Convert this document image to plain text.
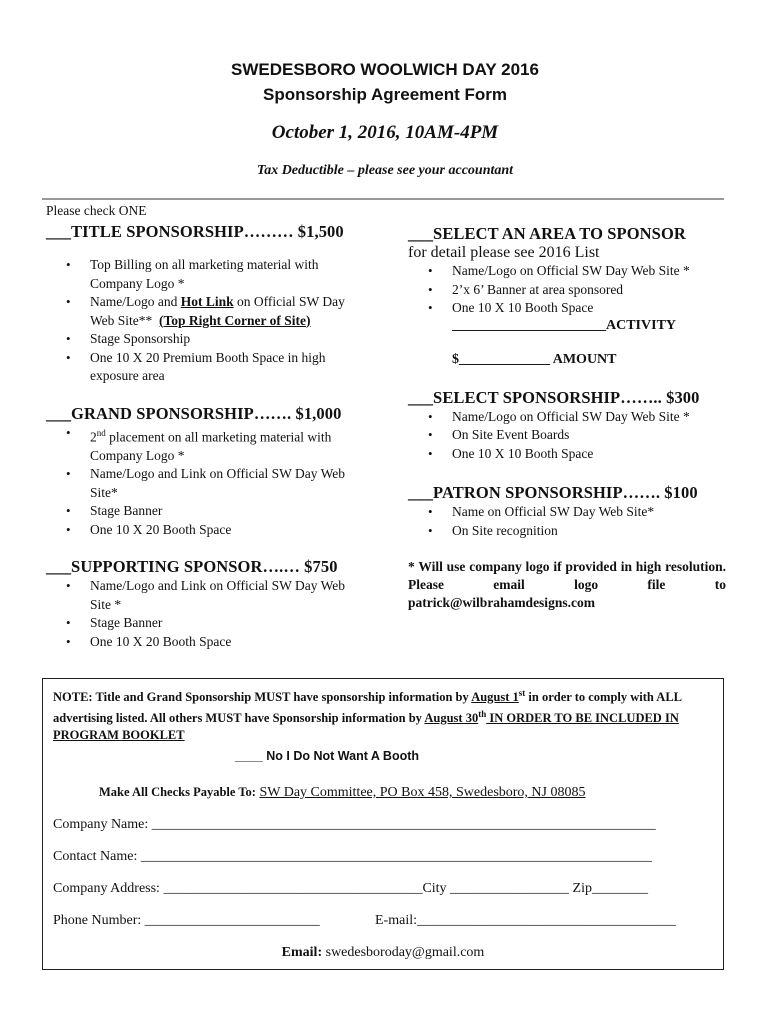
SWEDESBORO WOOLWICH DAY 2016
Sponsorship Agreement Form
October 1, 2016, 10AM-4PM
Tax Deductible – please see your accountant
Please check ONE
___TITLE SPONSORSHIP……… $1,500
• Top Billing on all marketing material with Company Logo *
• Name/Logo and Hot Link on Official SW Day Web Site** (Top Right Corner of Site)
• Stage Sponsorship
• One 10 X 20 Premium Booth Space in high exposure area
___GRAND SPONSORSHIP……. $1,000
• 2nd placement on all marketing material with Company Logo *
• Name/Logo and Link on Official SW Day Web Site*
• Stage Banner
• One 10 X 20 Booth Space
___SUPPORTING SPONSOR….… $750
• Name/Logo and Link on Official SW Day Web Site *
• Stage Banner
• One 10 X 20 Booth Space
___SELECT AN AREA TO SPONSOR
for detail please see 2016 List
• Name/Logo on Official SW Day Web Site *
• 2’x 6’ Banner at area sponsored
• One 10 X 10 Booth Space
______________________ACTIVITY
$_____________ AMOUNT
___SELECT SPONSORSHIP…….. $300
• Name/Logo on Official SW Day Web Site *
• On Site Event Boards
• One 10 X 10 Booth Space
___PATRON SPONSORSHIP……. $100
• Name on Official SW Day Web Site*
• On Site recognition
* Will use company logo if provided in high resolution. Please email logo file to patrick@wilbrahamdesigns.com
NOTE: Title and Grand Sponsorship MUST have sponsorship information by August 1st in order to comply with ALL advertising listed. All others MUST have Sponsorship information by August 30th IN ORDER TO BE INCLUDED IN PROGRAM BOOKLET
____ No I Do Not Want A Booth
Make All Checks Payable To: SW Day Committee, PO Box 458, Swedesboro, NJ 08085
Company Name: ________________________________________________________________________
Contact Name: _________________________________________________________________________
Company Address: _____________________________________City _________________ Zip________
Phone Number: _________________________	E-mail:_____________________________________
Email: swedesboroday@gmail.com
